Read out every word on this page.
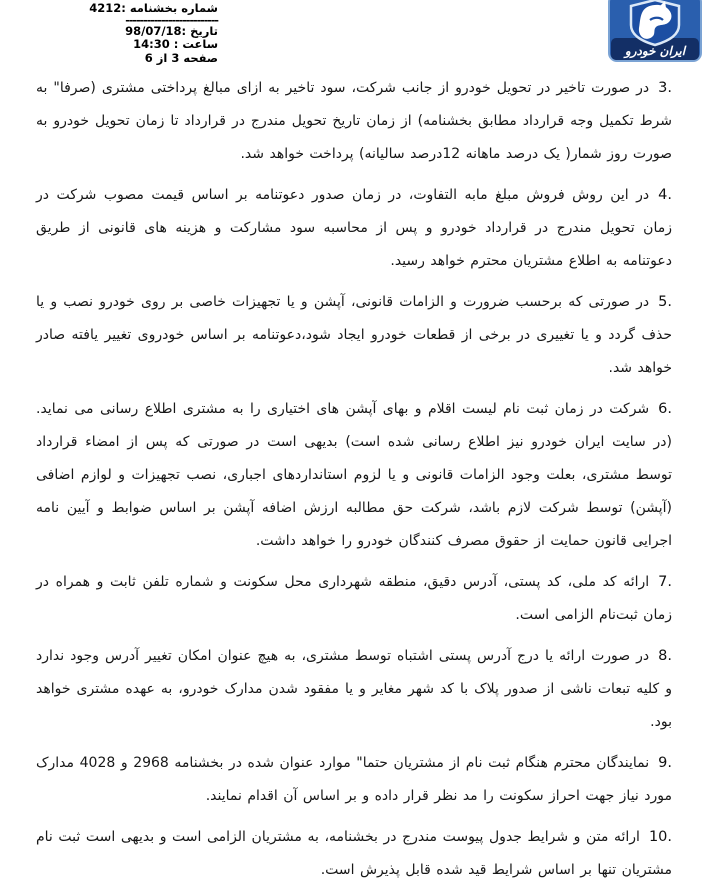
شماره بخشنامه :4212
--------------------------
تاریخ :98/07/18
ساعت : 14:30
صفحه 3 از 6	ایران خودرو

3.در صورت تاخیر در تحویل خودرو از جانب شرکت، سود تاخیر به ازای مبالغ پرداختی مشتری (صرفا" به شرط تکمیل وجه قرارداد مطابق بخشنامه) از زمان تاریخ تحویل مندرج در قرارداد تا زمان تحویل خودرو به صورت روز شمار( یک درصد ماهانه 12درصد سالیانه) پرداخت خواهد شد.

4.در این روش فروش مبلغ مابه التفاوت، در زمان صدور دعوتنامه بر اساس قیمت مصوب شرکت در زمان تحویل مندرج در قرارداد خودرو و پس از محاسبه سود مشارکت و هزینه های قانونی از طریق دعوتنامه به اطلاع مشتریان محترم خواهد رسید.

5.در صورتی که برحسب ضرورت و الزامات قانونی، آپشن و یا تجهیزات خاصی بر روی خودرو نصب و یا حذف گردد و یا تغییری در برخی از قطعات خودرو ایجاد شود،دعوتنامه بر اساس خودروی تغییر یافته صادر خواهد شد.

6.شرکت در زمان ثبت نام لیست اقلام و بهای آپشن های اختیاری را به مشتری اطلاع رسانی می نماید. (در سایت ایران خودرو نیز اطلاع رسانی شده است) بدیهی است در صورتی که پس از امضاء قرارداد توسط مشتری، بعلت وجود الزامات قانونی و یا لزوم استانداردهای اجباری، نصب تجهیزات و لوازم اضافی (آپشن) توسط شرکت لازم باشد، شرکت حق مطالبه ارزش اضافه آپشن بر اساس ضوابط و آیین نامه اجرایی قانون حمایت از حقوق مصرف کنندگان خودرو را خواهد داشت.

7.ارائه کد ملی، کد پستی، آدرس دقیق، منطقه شهرداری محل سکونت و شماره تلفن ثابت و همراه در زمان ثبت‌نام الزامی است.

8.در صورت ارائه یا درج آدرس پستی اشتباه توسط مشتری، به هیچ عنوان امکان تغییر آدرس وجود ندارد و کلیه تبعات ناشی از صدور پلاک با کد شهر مغایر و یا مفقود شدن مدارک خودرو، به عهده مشتری خواهد بود.

9.نمایندگان محترم هنگام ثبت نام از مشتریان حتما" موارد عنوان شده در بخشنامه 2968 و 4028 مدارک مورد نیاز جهت احراز سکونت را مد نظر قرار داده و بر اساس آن اقدام نمایند.

10.ارائه متن و شرایط جدول پیوست مندرج در بخشنامه، به مشتریان الزامی است و بدیهی است ثبت نام مشتریان تنها بر اساس شرایط قید شده قابل پذیرش است.
